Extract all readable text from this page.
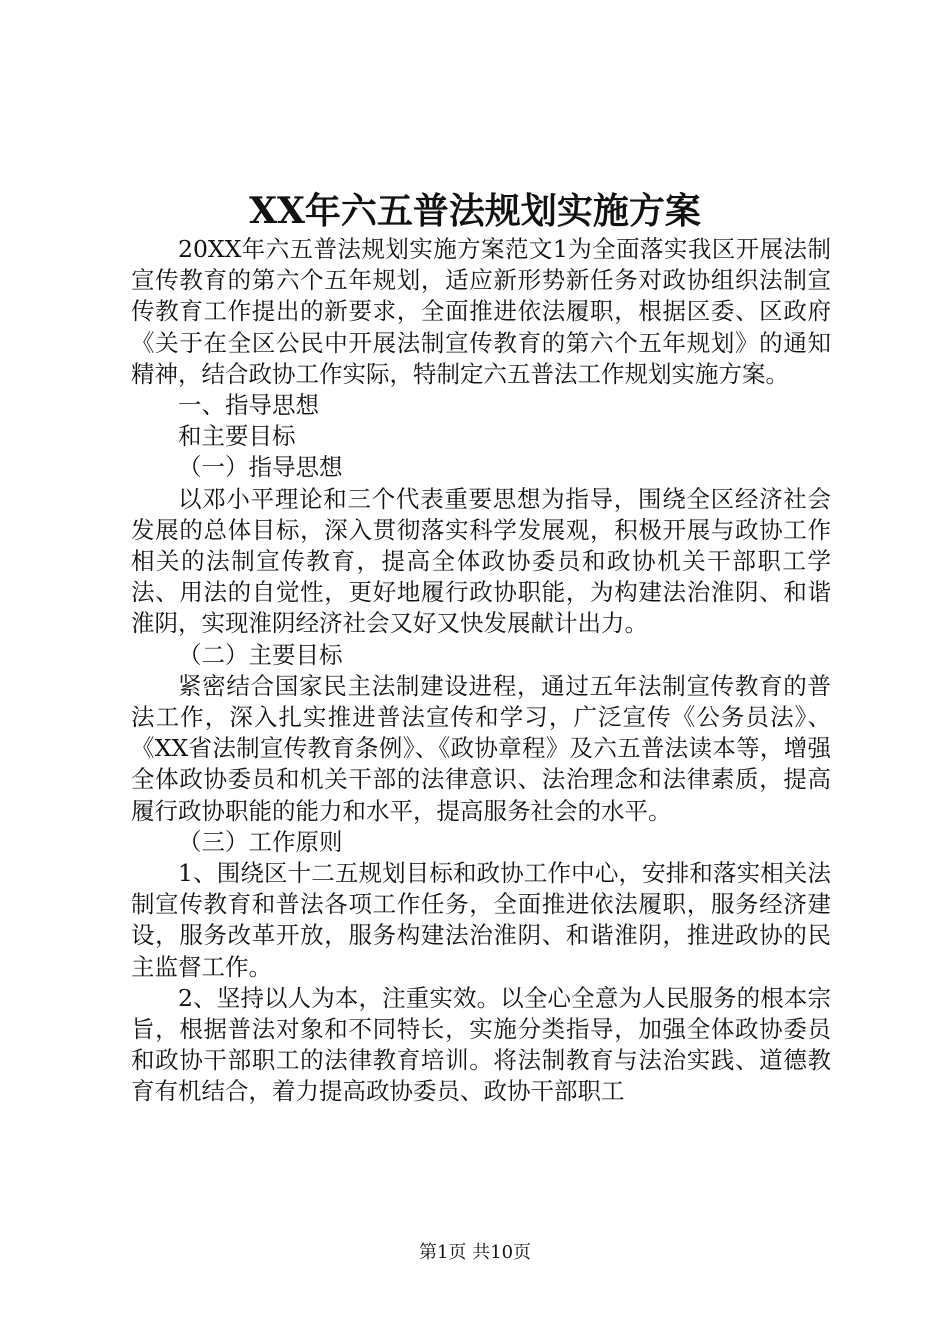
XX年六五普法规划实施方案

20XX年六五普法规划实施方案范文1为全面落实我区开展法制宣传教育的第六个五年规划，适应新形势新任务对政协组织法制宣传教育工作提出的新要求，全面推进依法履职，根据区委、区政府《关于在全区公民中开展法制宣传教育的第六个五年规划》的通知精神，结合政协工作实际，特制定六五普法工作规划实施方案。

一、指导思想

和主要目标

（一）指导思想

以邓小平理论和三个代表重要思想为指导，围绕全区经济社会发展的总体目标，深入贯彻落实科学发展观，积极开展与政协工作相关的法制宣传教育，提高全体政协委员和政协机关干部职工学法、用法的自觉性，更好地履行政协职能，为构建法治淮阴、和谐淮阴，实现淮阴经济社会又好又快发展献计出力。

（二）主要目标

紧密结合国家民主法制建设进程，通过五年法制宣传教育的普法工作，深入扎实推进普法宣传和学习，广泛宣传《公务员法》、《XX省法制宣传教育条例》、《政协章程》及六五普法读本等，增强全体政协委员和机关干部的法律意识、法治理念和法律素质，提高履行政协职能的能力和水平，提高服务社会的水平。

（三）工作原则

1、围绕区十二五规划目标和政协工作中心，安排和落实相关法制宣传教育和普法各项工作任务，全面推进依法履职，服务经济建设，服务改革开放，服务构建法治淮阴、和谐淮阴，推进政协的民主监督工作。

2、坚持以人为本，注重实效。以全心全意为人民服务的根本宗旨，根据普法对象和不同特长，实施分类指导，加强全体政协委员和政协干部职工的法律教育培训。将法制教育与法治实践、道德教育有机结合，着力提高政协委员、政协干部职工

第1页 共10页
